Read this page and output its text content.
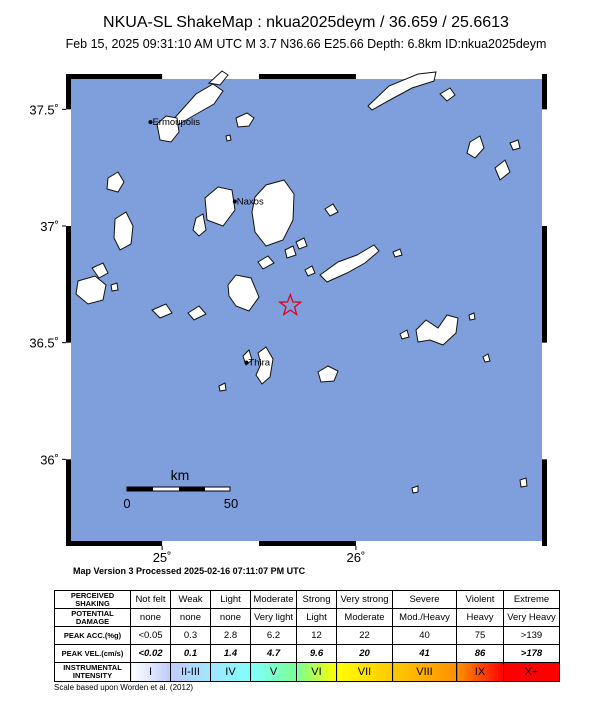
NKUA-SL ShakeMap : nkua2025deym / 36.659 / 25.6613
Feb 15, 2025 09:31:10 AM UTC M 3.7 N36.66 E25.66 Depth: 6.8km ID:nkua2025deym
Ermoupolis
Naxos
Thira
km
0	50
37.5˚
37˚
36.5˚
36˚
25˚	26˚
Map Version 3 Processed 2025-02-16 07:11:07 PM UTC
PERCEIVED SHAKING	Not felt	Weak	Light	Moderate	Strong	Very strong	Severe	Violent	Extreme
POTENTIAL DAMAGE	none	none	none	Very light	Light	Moderate	Mod./Heavy	Heavy	Very Heavy
PEAK ACC.(%g)	<0.05	0.3	2.8	6.2	12	22	40	75	>139
PEAK VEL.(cm/s)	<0.02	0.1	1.4	4.7	9.6	20	41	86	>178
INSTRUMENTAL INTENSITY	I	II-III	IV	V	VI	VII	VIII	IX	X+
Scale based upon Worden et al. (2012)
